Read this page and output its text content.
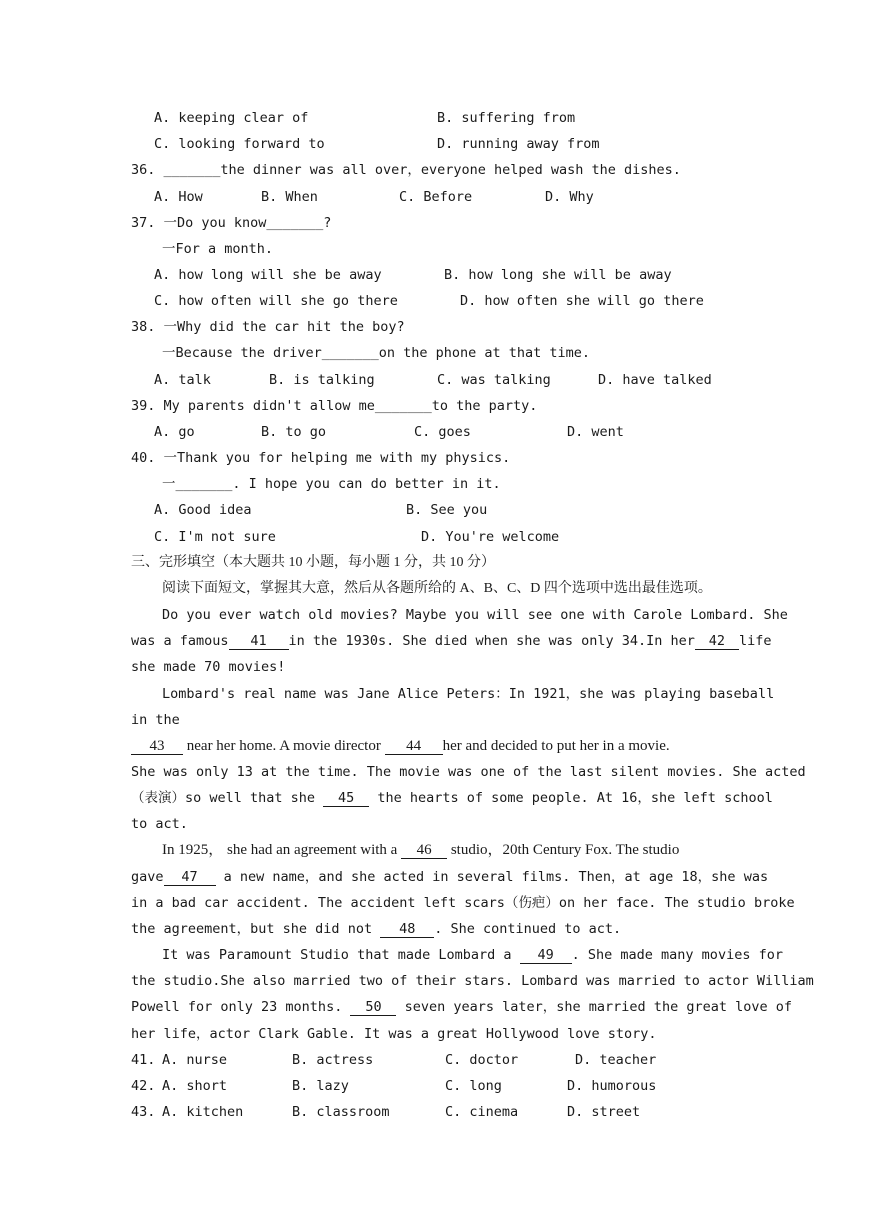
A. keeping clear of	B. suffering from
C. looking forward to	D. running away from
36. _______the dinner was all over，everyone helped wash the dishes.
A. How	B. When	C. Before	D. Why
37. 一Do you know_______?
一For a month.
A. how long will she be away	B. how long she will be away
C. how often will she go there	D. how often she will go there
38. 一Why did the car hit the boy?
一Because the driver_______on the phone at that time.
A. talk	B. is talking	C. was talking	D. have talked
39. My parents didn't allow me_______to the party.
A. go	B. to go	C. goes	D. went
40. 一Thank you for helping me with my physics.
一_______. I hope you can do better in it.
A. Good idea	B. See you
C. I'm not sure	D. You're welcome
三、完形填空（本大题共 10 小题，每小题 1 分，共 10 分）
阅读下面短文，掌握其大意，然后从各题所给的 A、B、C、D 四个选项中选出最佳选项。
Do you ever watch old movies? Maybe you will see one with Carole Lombard. She
was a famous 41 in the 1930s. She died when she was only 34.In her 42 life
she made 70 movies!
Lombard's real name was Jane Alice Peters：In 1921，she was playing baseball
in the
43 near her home. A movie director 44 her and decided to put her in a movie.
She was only 13 at the time. The movie was one of the last silent movies. She acted
（表演）so well that she 45 the hearts of some people. At 16，she left school
to act.
In 1925， she had an agreement with a 46 studio，20th Century Fox. The studio
gave 47 a new name，and she acted in several films. Then，at age 18，she was
in a bad car accident. The accident left scars（伤疤）on her face. The studio broke
the agreement，but she did not 48 . She continued to act.
It was Paramount Studio that made Lombard a 49 . She made many movies for
the studio.She also married two of their stars. Lombard was married to actor William
Powell for only 23 months. 50 seven years later，she married the great love of
her life，actor Clark Gable. It was a great Hollywood love story.
41. A. nurse	B. actress	C. doctor	D. teacher
42. A. short	B. lazy	C. long	D. humorous
43. A. kitchen	B. classroom	C. cinema	D. street
